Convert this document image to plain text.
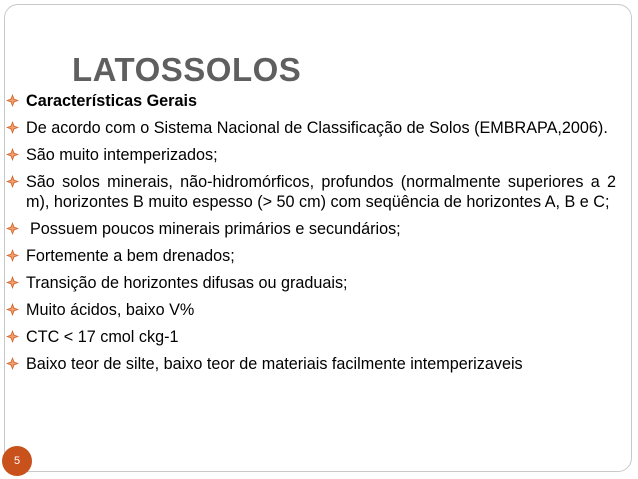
LATOSSOLOS
Características Gerais
De acordo com o Sistema Nacional de Classificação de Solos (EMBRAPA,2006).
São muito intemperizados;
São solos minerais, não-hidromórficos, profundos (normalmente superiores a 2 m), horizontes B muito espesso (> 50 cm) com seqüência de horizontes A, B e C;
Possuem poucos minerais primários e secundários;
Fortemente a bem drenados;
Transição de horizontes difusas ou graduais;
Muito ácidos, baixo V%
CTC < 17 cmol ckg-1
Baixo teor de silte, baixo teor de materiais facilmente intemperizaveis
5
